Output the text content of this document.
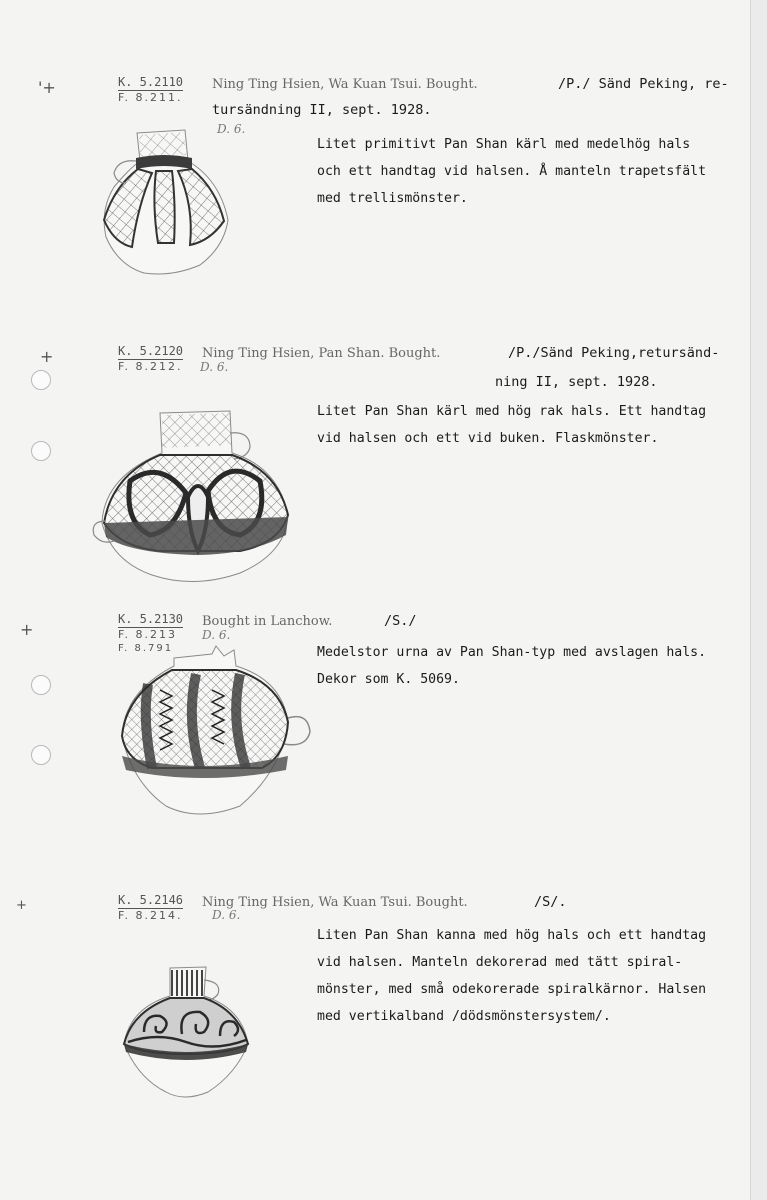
'+
+
+
+
K. 5.2110
F. 8.211.
Ning Ting Hsien, Wa Kuan Tsui. Bought.	/P./ Sänd Peking, re-
tursändning II, sept. 1928.
D. 6.
Litet primitivt Pan Shan kärl med medelhög hals
och ett handtag vid halsen. Å manteln trapetsfält
med trellismönster.
K. 5.2120
F. 8.212.
Ning Ting Hsien, Pan Shan. Bought.	/P./Sänd Peking,retursänd-
ning II, sept. 1928.
D. 6.
Litet Pan Shan kärl med hög rak hals. Ett handtag
vid halsen och ett vid buken. Flaskmönster.
K. 5.2130
F. 8.213
F. 8.791
Bought in Lanchow.	/S./
D. 6.
Medelstor urna av Pan Shan-typ med avslagen hals.
Dekor som K. 5069.
K. 5.2146
F. 8.214.
Ning Ting Hsien, Wa Kuan Tsui. Bought.	/S/.
D. 6.
Liten Pan Shan kanna med hög hals och ett handtag
vid halsen. Manteln dekorerad med tätt spiral-
mönster, med små odekorerade spiralkärnor. Halsen
med vertikalband /dödsmönstersystem/.
